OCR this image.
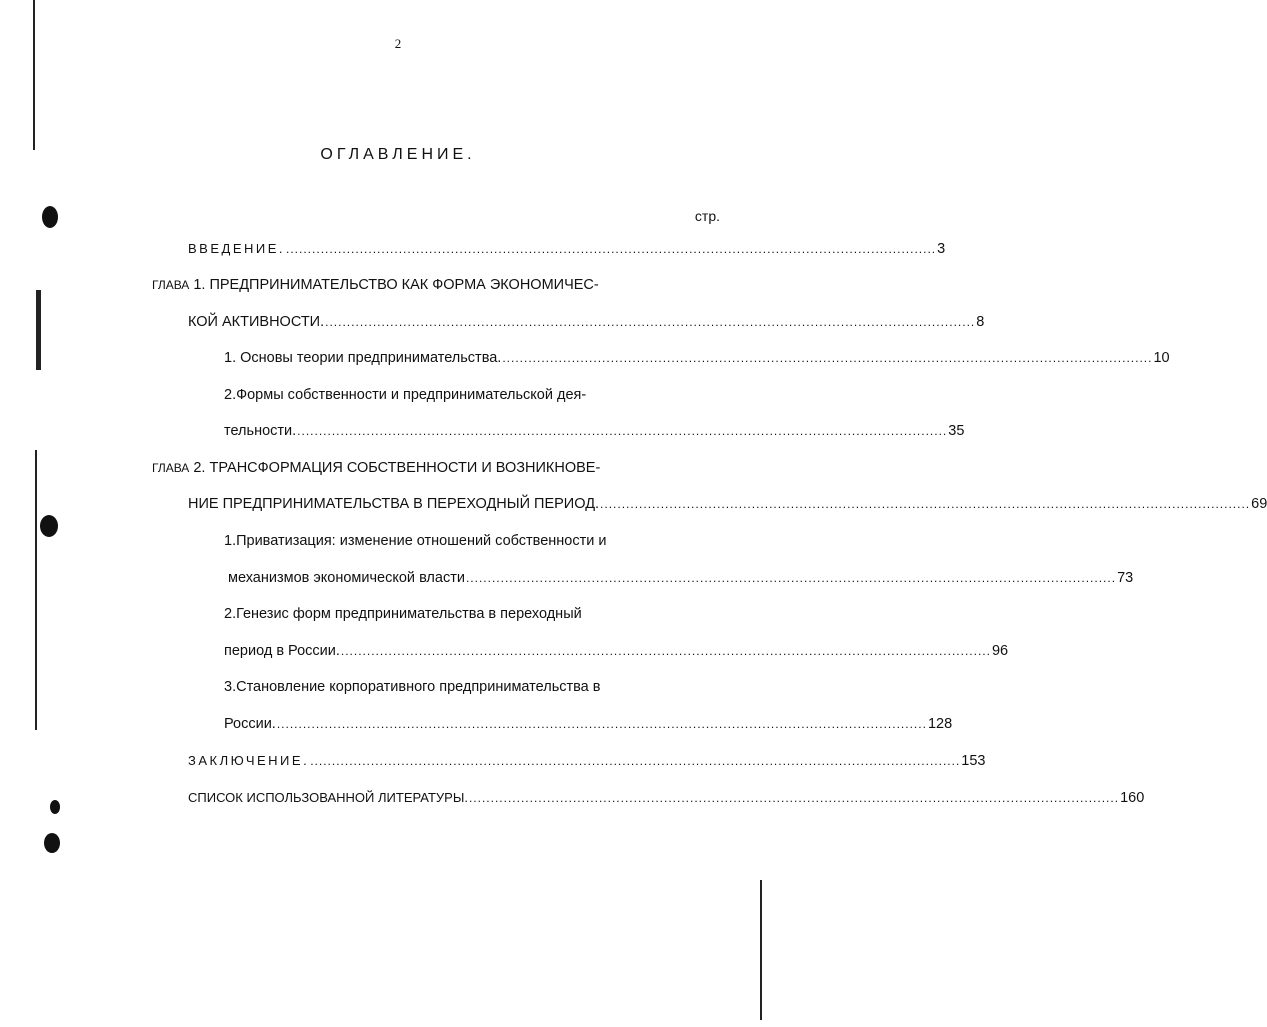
2
ОГЛАВЛЕНИЕ.
стр.
ВВЕДЕНИЕ. ...................................................................................................................................................... 3
ГЛАВА 1. ПРЕДПРИНИМАТЕЛЬСТВО КАК ФОРМА ЭКОНОМИЧЕС-
КОЙ АКТИВНОСТИ. ...................................................................................................................................................... 8
1. Основы теории предпринимательства. ...................................................................................................................................................... 10
2.Формы собственности и предпринимательской дея-
тельности. ...................................................................................................................................................... 35
ГЛАВА 2. ТРАНСФОРМАЦИЯ СОБСТВЕННОСТИ И ВОЗНИКНОВЕ-
НИЕ ПРЕДПРИНИМАТЕЛЬСТВА В ПЕРЕХОДНЫЙ ПЕРИОД. ...................................................................................................................................................... 69
1.Приватизация: изменение отношений собственности и
механизмов экономической власти ...................................................................................................................................................... 73
2.Генезис форм предпринимательства в переходный
период в России. ...................................................................................................................................................... 96
3.Становление корпоративного предпринимательства в
России. ...................................................................................................................................................... 128
ЗАКЛЮЧЕНИЕ. ...................................................................................................................................................... 153
СПИСОК ИСПОЛЬЗОВАННОЙ ЛИТЕРАТУРЫ. ...................................................................................................................................................... 160
